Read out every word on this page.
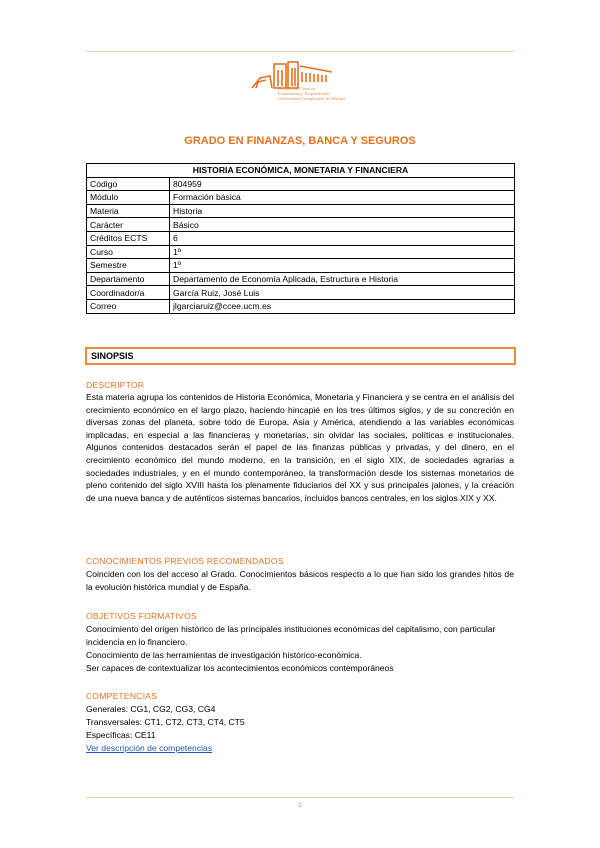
Facultad de Ciencias
Económicas y Empresariales
Universidad Complutense de Madrid
GRADO EN FINANZAS, BANCA Y SEGUROS
HISTORIA ECONÓMICA, MONETARIA Y FINANCIERA	
Código	804959
Módulo	Formación básica
Materia	Historia
Carácter	Básico
Créditos ECTS	6
Curso	1º
Semestre	1º
Departamento	Departamento de Economía Aplicada, Estructura e Historia
Coordinador/a	García Ruiz, José Luis
Correo	jlgarciaruiz@ccee.ucm.es
SINOPSIS
DESCRIPTOR
Esta materia agrupa los contenidos de Historia Económica, Monetaria y Financiera y se centra en el análisis del crecimiento económico en el largo plazo, haciendo hincapié en los tres últimos siglos, y de su concreción en diversas zonas del planeta, sobre todo de Europa, Asia y América, atendiendo a las variables económicas implicadas, en especial a las financieras y monetarias, sin olvidar las sociales, políticas e institucionales. Algunos contenidos destacados serán el papel de las finanzas públicas y privadas, y del dinero, en el crecimiento económico del mundo moderno, en la transición, en el siglo XIX, de sociedades agrarias a sociedades industriales, y en el mundo contemporáneo, la transformación desde los sistemas monetarios de pleno contenido del siglo XVIII hasta los plenamente fiduciarios del XX y sus principales jalones, y la creación de una nueva banca y de auténticos sistemas bancarios, incluidos bancos centrales, en los siglos XIX y XX.
CONOCIMIENTOS PREVIOS RECOMENDADOS
Coinciden con los del acceso al Grado. Conocimientos básicos respecto a lo que han sido los grandes hitos de la evolución histórica mundial y de España.
OBJETIVOS FORMATIVOS
Conocimiento del origen histórico de las principales instituciones económicas del capitalismo, con particular incidencia en lo financiero.
Conocimiento de las herramientas de investigación histórico-económica.
Ser capaces de contextualizar los acontecimientos económicos contemporáneos
COMPETENCIAS
Generales: CG1, CG2, CG3, CG4
Transversales: CT1, CT2, CT3, CT4, CT5
Específicas: CE11
Ver descripción de competencias
1
